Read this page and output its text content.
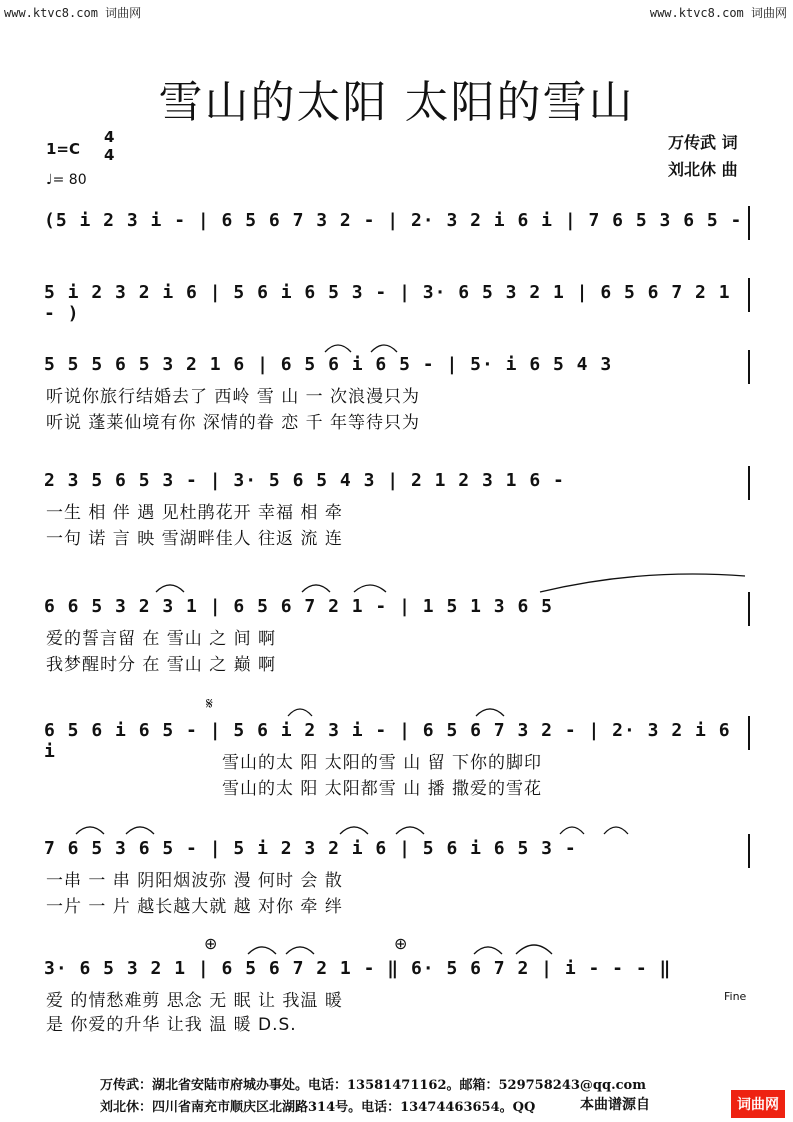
www.ktvc8.com 词曲网	www.ktvc8.com 词曲网
雪山的太阳 太阳的雪山
1=C
4
4
♩= 80
万传武 词
刘北休 曲
(5 i 2 3 i - | 6 5 6 7 3 2 - | 2· 3 2 i 6 i | 7 6 5 3 6 5 -
5 i 2 3 2 i 6 | 5 6 i 6 5 3 - | 3· 6 5 3 2 1 | 6 5 6 7 2 1 - )
5 5 5 6 5 3 2 1 6 | 6 5 6 i 6 5 - | 5· i 6 5 4 3
听说你旅行结婚去了 西岭 雪 山 一 次浪漫只为
听说 蓬莱仙境有你 深情的眷 恋 千 年等待只为
2 3 5 6 5 3 - | 3· 5 6 5 4 3 | 2 1 2 3 1 6 -
一生 相 伴 遇 见杜鹃花开 幸福 相 牵
一句 诺 言 映 雪湖畔佳人 往返 流 连
6 6 5 3 2 3 1 | 6 5 6 7 2 1 - | 1 5 1 3 6 5
爱的誓言留 在 雪山 之 间 啊
我梦醒时分 在 雪山 之 巅 啊
𝄋
6 5 6 i 6 5 - | 5 6 i 2 3 i - | 6 5 6 7 3 2 - | 2· 3 2 i 6 i
雪山的太 阳 太阳的雪 山 留 下你的脚印
雪山的太 阳 太阳都雪 山 播 撒爱的雪花
7 6 5 3 6 5 - | 5 i 2 3 2 i 6 | 5 6 i 6 5 3 -
一串 一 串 阴阳烟波弥 漫 何时 会 散
一片 一 片 越长越大就 越 对你 牵 绊
⊕	⊕
3· 6 5 3 2 1 | 6 5 6 7 2 1 - ‖ 6· 5 6 7 2 | i - - - ‖
爱 的情愁难剪 思念 无 眠 让 我温 暖
是 你爱的升华 让我 温 暖 D.S.
Fine
万传武：湖北省安陆市府城办事处。电话：13581471162。邮箱：529758243@qq.com
刘北休：四川省南充市顺庆区北湖路314号。电话：13474463654。QQ	本曲谱源自	词曲网
